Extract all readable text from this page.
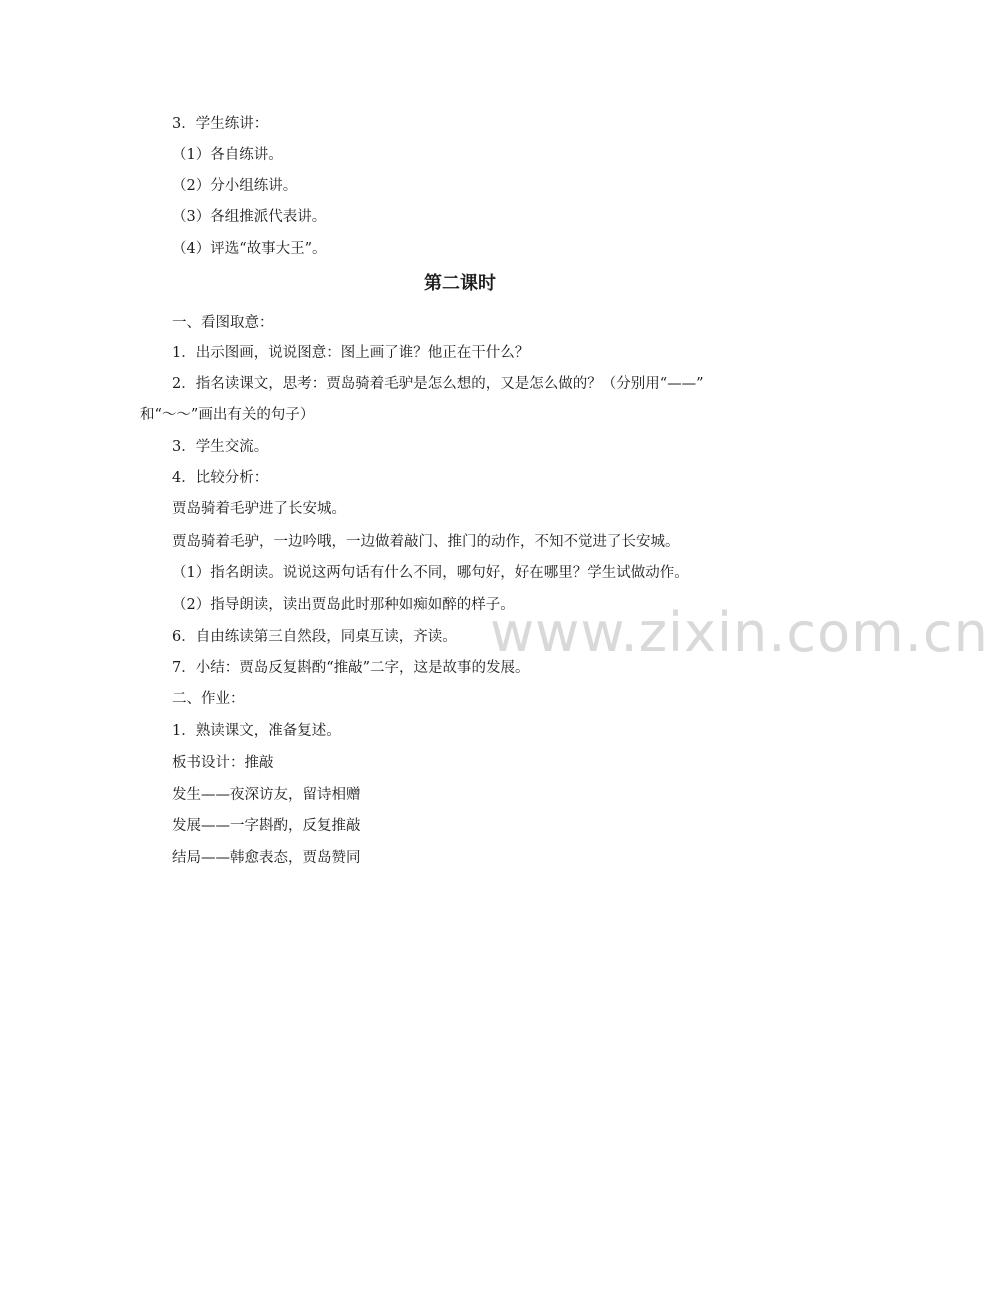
3．学生练讲：
（1）各自练讲。
（2）分小组练讲。
（3）各组推派代表讲。
（4）评选“故事大王”。
第二课时
一、看图取意：
1．出示图画，说说图意：图上画了谁？他正在干什么？
2．指名读课文，思考：贾岛骑着毛驴是怎么想的，又是怎么做的？（分别用“——”
和“～～”画出有关的句子）
3．学生交流。
4．比较分析：
贾岛骑着毛驴进了长安城。
贾岛骑着毛驴，一边吟哦，一边做着敲门、推门的动作，不知不觉进了长安城。
（1）指名朗读。说说这两句话有什么不同，哪句好，好在哪里？学生试做动作。
（2）指导朗读，读出贾岛此时那种如痴如醉的样子。
6．自由练读第三自然段，同桌互读，齐读。
7．小结：贾岛反复斟酌“推敲”二字，这是故事的发展。
二、作业：
1．熟读课文，准备复述。
板书设计：推敲
发生——夜深访友，留诗相赠
发展——一字斟酌，反复推敲
结局——韩愈表态，贾岛赞同
www.zixin.com.cn
